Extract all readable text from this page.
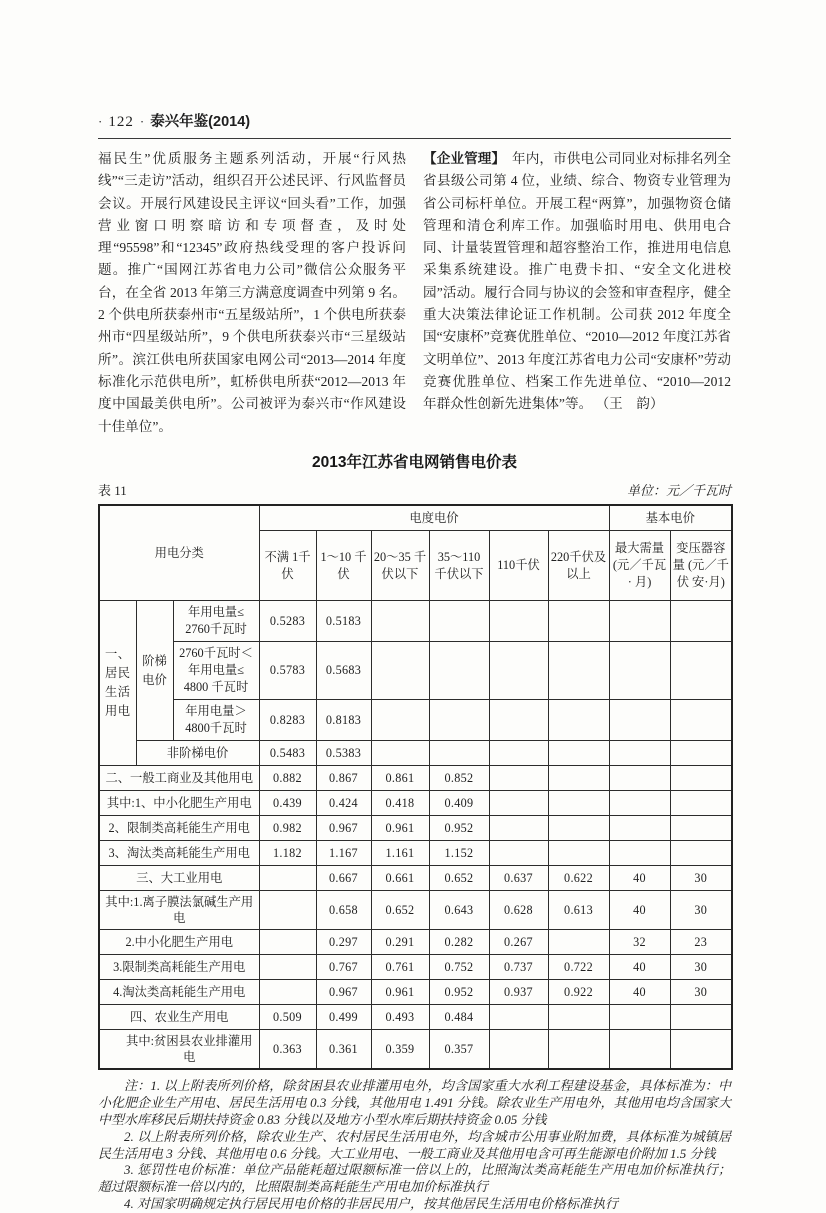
· 122 · 泰兴年鉴(2014)
福民生”优质服务主题系列活动，开展“行风热线”“三走访”活动，组织召开公述民评、行风监督员会议。开展行风建设民主评议“回头看”工作，加强营业窗口明察暗访和专项督查，及时处理“95598”和“12345”政府热线受理的客户投诉问题。推广“国网江苏省电力公司”微信公众服务平台，在全省 2013 年第三方满意度调查中列第 9 名。2 个供电所获泰州市“五星级站所”，1 个供电所获泰州市“四星级站所”，9 个供电所获泰兴市“三星级站所”。滨江供电所获国家电网公司“2013—2014 年度标准化示范供电所”，虹桥供电所获“2012—2013 年度中国最美供电所”。公司被评为泰兴市“作风建设十佳单位”。
【企业管理】　年内，市供电公司同业对标排名列全省县级公司第 4 位，业绩、综合、物资专业管理为省公司标杆单位。开展工程“两算”，加强物资仓储管理和清仓利库工作。加强临时用电、供用电合同、计量装置管理和超容整治工作，推进用电信息采集系统建设。推广电费卡扣、“安全文化进校园”活动。履行合同与协议的会签和审查程序，健全重大决策法律论证工作机制。公司获 2012 年度全国“安康杯”竞赛优胜单位、“2010—2012 年度江苏省文明单位”、2013 年度江苏省电力公司“安康杯”劳动竞赛优胜单位、档案工作先进单位、“2010—2012 年群众性创新先进集体”等。 （王　韵）
2013年江苏省电网销售电价表
表 11	单位：元／千瓦时
用电分类			电度电价						基本电价	
			不满 1千伏	1～10 千伏	20～35 千伏以下	35～110 千伏以下	110千伏	220千伏及 以上	最大需量 (元／千瓦· 月)	变压器容量 (元／千伏 安·月)
一、居民生活用电	阶梯电价	年用电量≤ 2760千瓦时	0.5283	0.5183						
		2760千瓦时＜ 年用电量≤ 4800 千瓦时	0.5783	0.5683						
		年用电量＞ 4800千瓦时	0.8283	0.8183						
	非阶梯电价		0.5483	0.5383						
二、一般工商业及其他用电			0.882	0.867	0.861	0.852				
其中:1、中小化肥生产用电			0.439	0.424	0.418	0.409				
2、限制类高耗能生产用电			0.982	0.967	0.961	0.952				
3、淘汰类高耗能生产用电			1.182	1.167	1.161	1.152				
三、大工业用电				0.667	0.661	0.652	0.637	0.622	40	30
其中:1.离子膜法氯碱生产用电				0.658	0.652	0.643	0.628	0.613	40	30
2.中小化肥生产用电				0.297	0.291	0.282	0.267		32	23
3.限制类高耗能生产用电				0.767	0.761	0.752	0.737	0.722	40	30
4.淘汰类高耗能生产用电				0.967	0.961	0.952	0.937	0.922	40	30
四、农业生产用电			0.509	0.499	0.493	0.484				
其中:贫困县农业排灌用电			0.363	0.361	0.359	0.357				

注：1. 以上附表所列价格，除贫困县农业排灌用电外，均含国家重大水利工程建设基金，具体标准为：中小化肥企业生产用电、居民生活用电 0.3 分钱，其他用电 1.491 分钱。除农业生产用电外，其他用电均含国家大中型水库移民后期扶持资金 0.83 分钱以及地方小型水库后期扶持资金 0.05 分钱

2. 以上附表所列价格，除农业生产、农村居民生活用电外，均含城市公用事业附加费，具体标准为城镇居民生活用电 3 分钱、其他用电 0.6 分钱。大工业用电、一般工商业及其他用电含可再生能源电价附加 1.5 分钱

3. 惩罚性电价标准：单位产品能耗超过限额标准一倍以上的，比照淘汰类高耗能生产用电加价标准执行；超过限额标准一倍以内的，比照限制类高耗能生产用电加价标准执行

4. 对国家明确规定执行居民用电价格的非居民用户，按其他居民生活用电价格标准执行
